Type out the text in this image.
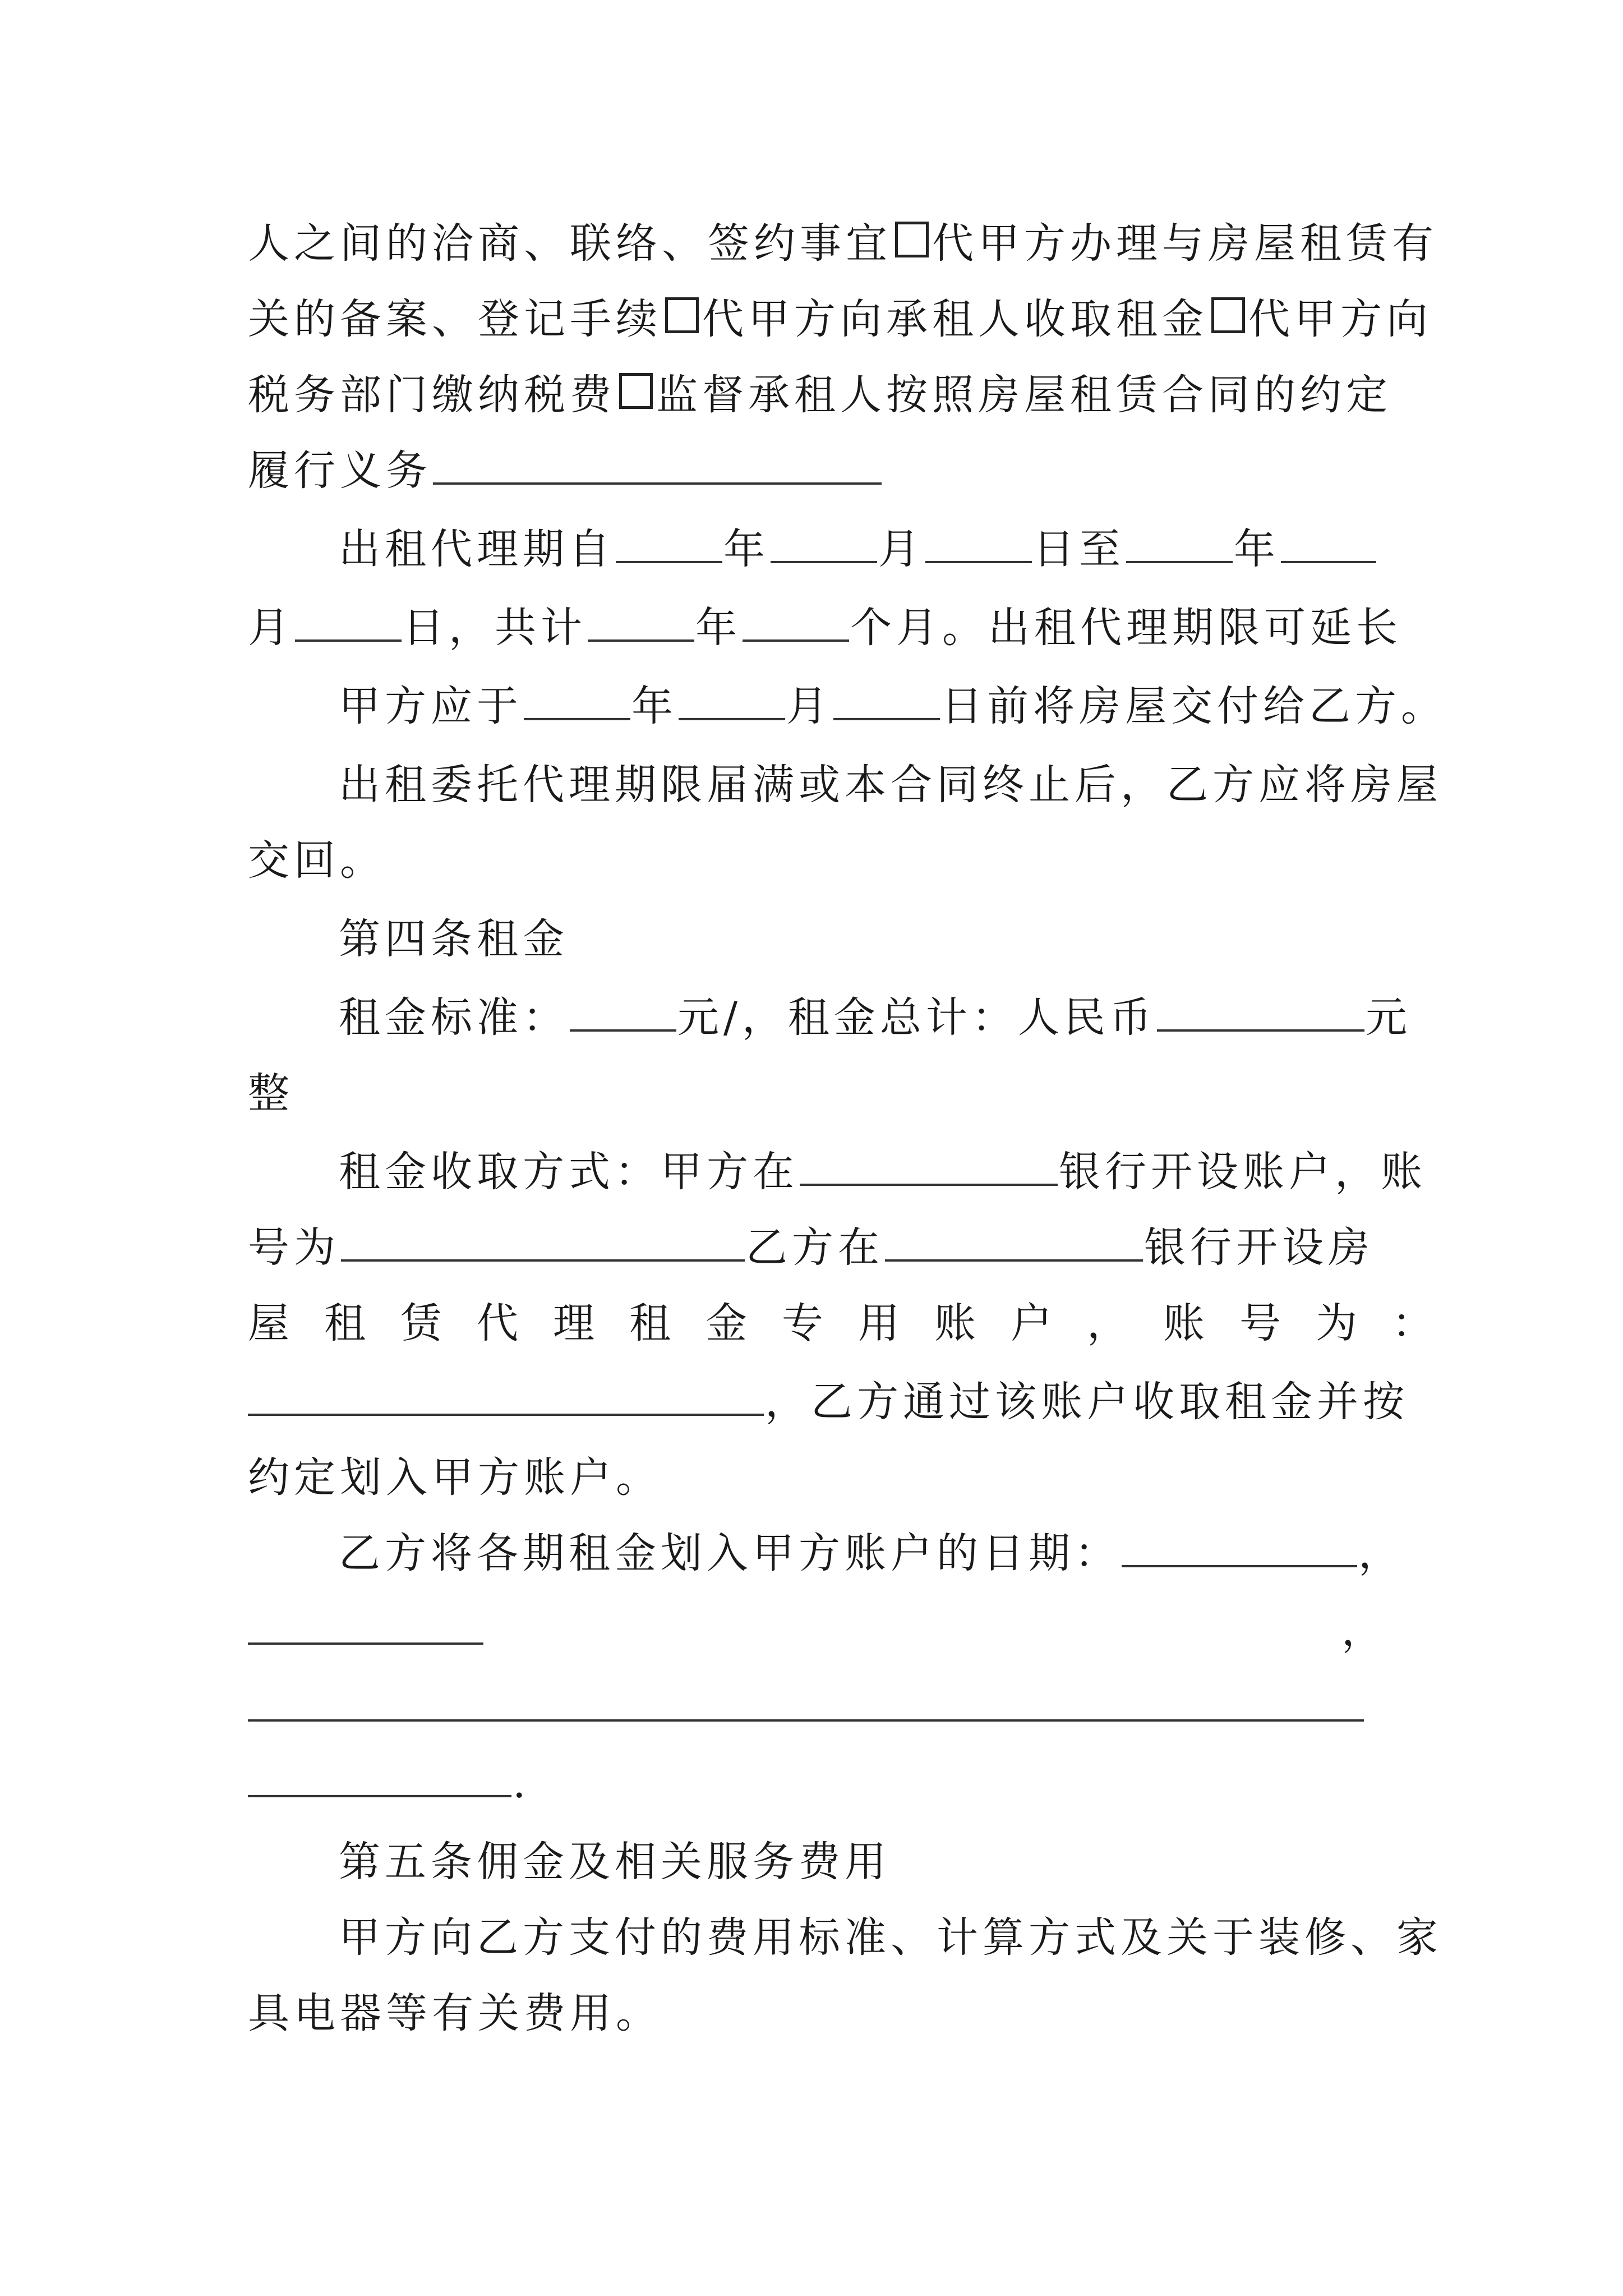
人之间的洽商、联络、签约事宜 代甲方办理与房屋租赁有
关的备案、登记手续 代甲方向承租人收取租金 代甲方向
税务部门缴纳税费 监督承租人按照房屋租赁合同的约定
履行义务
出租代理期自	年	月	日至	年
月	日，共计	年	个月。出租代理期限可延长
甲方应于	年	月	日前将房屋交付给乙方。
出租委托代理期限届满或本合同终止后，乙方应将房屋
交回。
第四条租金
租金标准：	元/，租金总计：人民币	元
整
租金收取方式：甲方在	银行开设账户，账
号为	乙方在	银行开设房
屋租赁代理租金专用账户，账号为：
，乙方通过该账户收取租金并按
约定划入甲方账户。
乙方将各期租金划入甲方账户的日期：	，
，
.
第五条佣金及相关服务费用
甲方向乙方支付的费用标准、计算方式及关于装修、家
具电器等有关费用。
